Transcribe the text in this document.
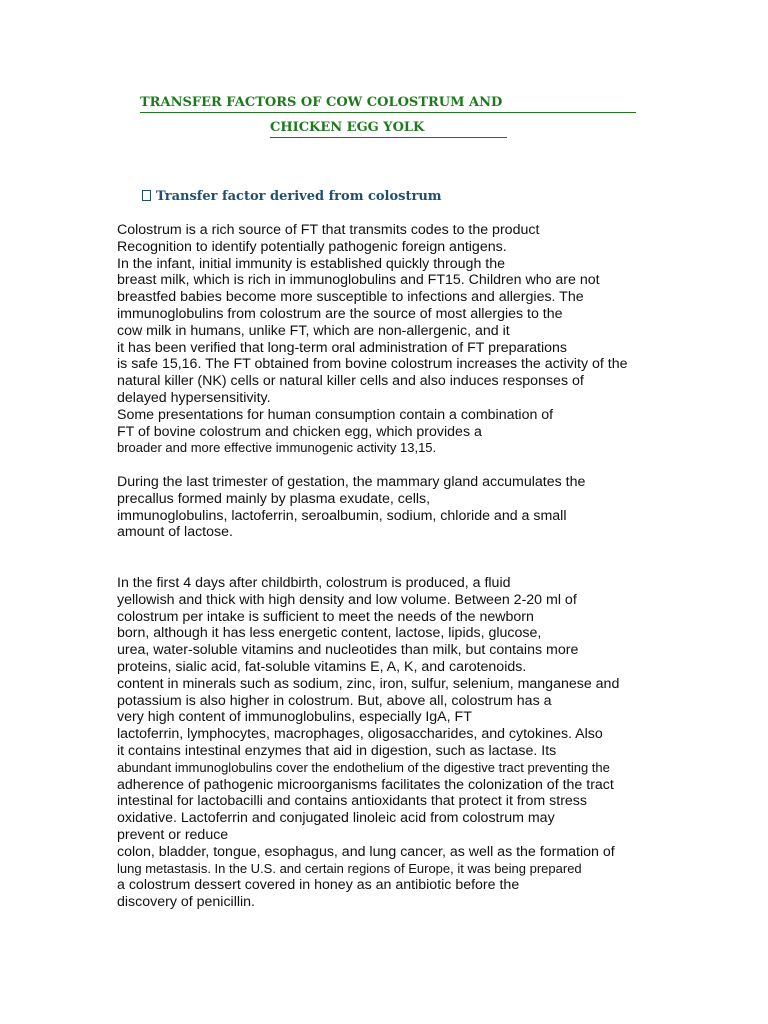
TRANSFER FACTORS OF COW COLOSTRUM AND
CHICKEN EGG YOLK
Transfer factor derived from colostrum
Colostrum is a rich source of FT that transmits codes to the product
Recognition to identify potentially pathogenic foreign antigens.
In the infant, initial immunity is established quickly through the
breast milk, which is rich in immunoglobulins and FT15. Children who are not
breastfed babies become more susceptible to infections and allergies. The
immunoglobulins from colostrum are the source of most allergies to the
cow milk in humans, unlike FT, which are non-allergenic, and it
it has been verified that long-term oral administration of FT preparations
is safe 15,16. The FT obtained from bovine colostrum increases the activity of the
natural killer (NK) cells or natural killer cells and also induces responses of
delayed hypersensitivity.
Some presentations for human consumption contain a combination of
FT of bovine colostrum and chicken egg, which provides a
broader and more effective immunogenic activity 13,15.
During the last trimester of gestation, the mammary gland accumulates the
precallus formed mainly by plasma exudate, cells,
immunoglobulins, lactoferrin, seroalbumin, sodium, chloride and a small
amount of lactose.
In the first 4 days after childbirth, colostrum is produced, a fluid
yellowish and thick with high density and low volume. Between 2-20 ml of
colostrum per intake is sufficient to meet the needs of the newborn
born, although it has less energetic content, lactose, lipids, glucose,
urea, water-soluble vitamins and nucleotides than milk, but contains more
proteins, sialic acid, fat-soluble vitamins E, A, K, and carotenoids.
content in minerals such as sodium, zinc, iron, sulfur, selenium, manganese and
potassium is also higher in colostrum. But, above all, colostrum has a
very high content of immunoglobulins, especially IgA, FT
lactoferrin, lymphocytes, macrophages, oligosaccharides, and cytokines. Also
it contains intestinal enzymes that aid in digestion, such as lactase. Its
abundant immunoglobulins cover the endothelium of the digestive tract preventing the
adherence of pathogenic microorganisms facilitates the colonization of the tract
intestinal for lactobacilli and contains antioxidants that protect it from stress
oxidative. Lactoferrin and conjugated linoleic acid from colostrum may
prevent or reduce
colon, bladder, tongue, esophagus, and lung cancer, as well as the formation of
lung metastasis. In the U.S. and certain regions of Europe, it was being prepared
a colostrum dessert covered in honey as an antibiotic before the
discovery of penicillin.
